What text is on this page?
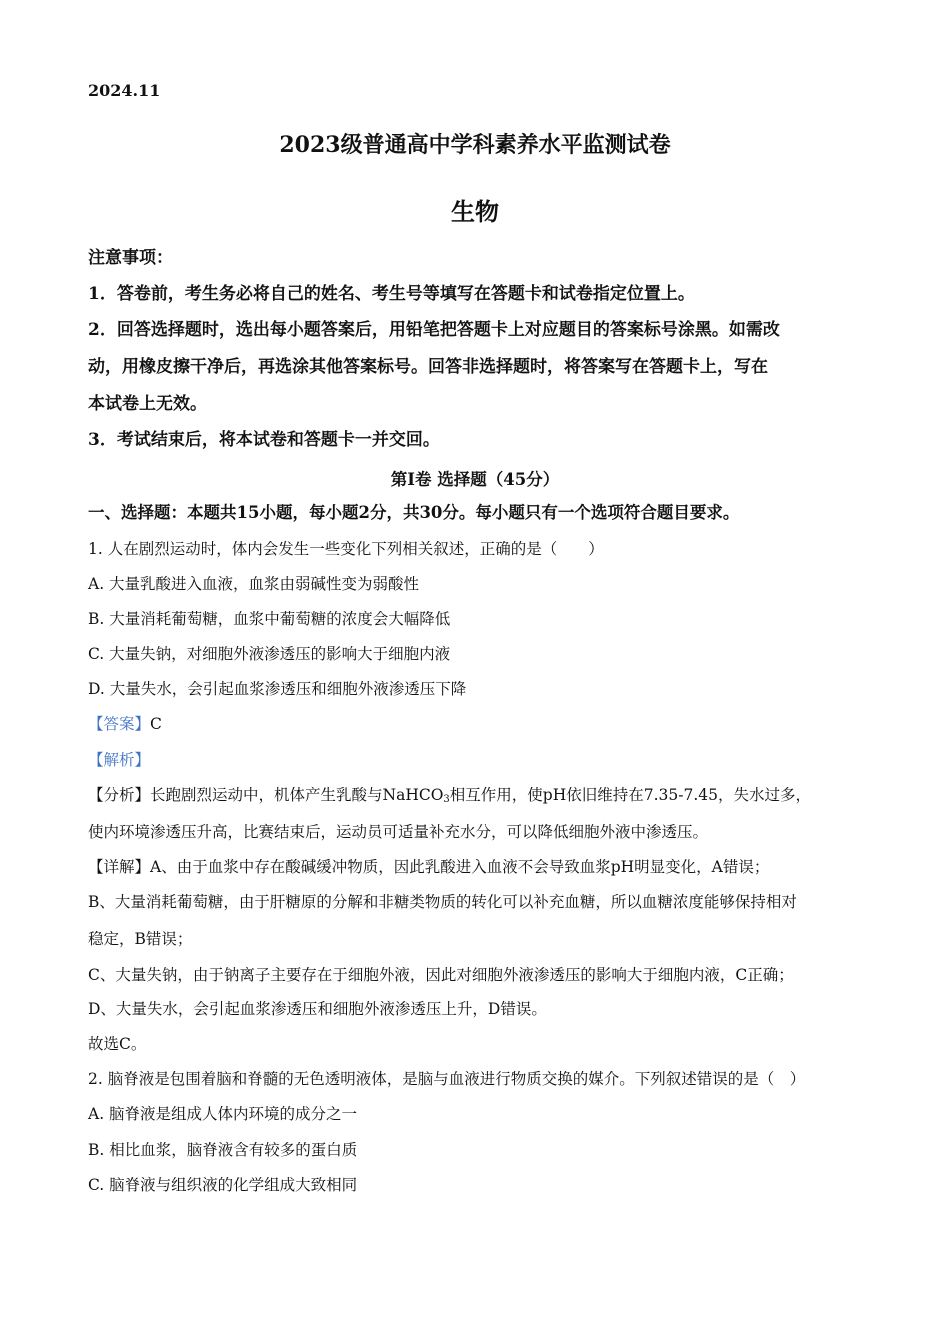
2024.11
2023级普通高中学科素养水平监测试卷
生物
注意事项：
1．答卷前，考生务必将自己的姓名、考生号等填写在答题卡和试卷指定位置上。
2．回答选择题时，选出每小题答案后，用铅笔把答题卡上对应题目的答案标号涂黑。如需改
动，用橡皮擦干净后，再选涂其他答案标号。回答非选择题时，将答案写在答题卡上，写在
本试卷上无效。
3．考试结束后，将本试卷和答题卡一并交回。
第Ⅰ卷 选择题（45分）
一、选择题：本题共15小题，每小题2分，共30分。每小题只有一个选项符合题目要求。
1. 人在剧烈运动时，体内会发生一些变化下列相关叙述，正确的是（　　）
A. 大量乳酸进入血液，血浆由弱碱性变为弱酸性
B. 大量消耗葡萄糖，血浆中葡萄糖的浓度会大幅降低
C. 大量失钠，对细胞外液渗透压的影响大于细胞内液
D. 大量失水，会引起血浆渗透压和细胞外液渗透压下降
【答案】C
【解析】
【分析】长跑剧烈运动中，机体产生乳酸与NaHCO$_3$相互作用，使pH依旧维持在7.35-7.45，失水过多，
使内环境渗透压升高，比赛结束后，运动员可适量补充水分，可以降低细胞外液中渗透压。
【详解】A、由于血浆中存在酸碱缓冲物质，因此乳酸进入血液不会导致血浆pH明显变化，A错误；
B、大量消耗葡萄糖，由于肝糖原的分解和非糖类物质的转化可以补充血糖，所以血糖浓度能够保持相对
稳定，B错误；
C、大量失钠，由于钠离子主要存在于细胞外液，因此对细胞外液渗透压的影响大于细胞内液，C正确；
D、大量失水，会引起血浆渗透压和细胞外液渗透压上升，D错误。
故选C。
2. 脑脊液是包围着脑和脊髓的无色透明液体，是脑与血液进行物质交换的媒介。下列叙述错误的是（　）
A. 脑脊液是组成人体内环境的成分之一
B. 相比血浆，脑脊液含有较多的蛋白质
C. 脑脊液与组织液的化学组成大致相同
